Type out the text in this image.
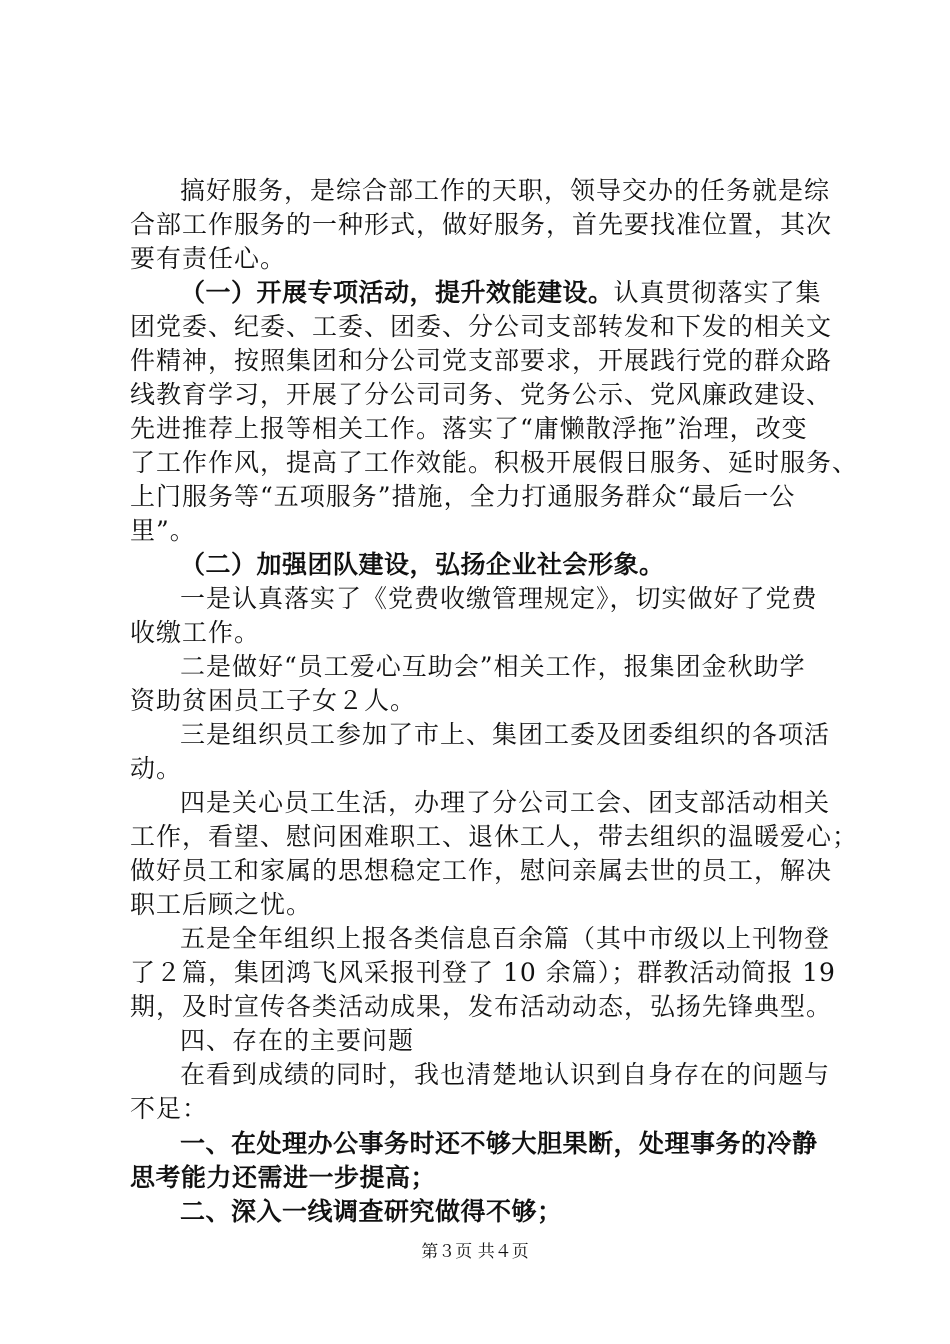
搞好服务，是综合部工作的天职，领导交办的任务就是综
合部工作服务的一种形式，做好服务，首先要找准位置，其次
要有责任心。
（一）开展专项活动，提升效能建设。认真贯彻落实了集
团党委、纪委、工委、团委、分公司支部转发和下发的相关文
件精神，按照集团和分公司党支部要求，开展践行党的群众路
线教育学习，开展了分公司司务、党务公示、党风廉政建设、
先进推荐上报等相关工作。落实了“庸懒散浮拖”治理，改变
了工作作风，提高了工作效能。积极开展假日服务、延时服务、
上门服务等“五项服务”措施，全力打通服务群众“最后一公
里”。
（二）加强团队建设，弘扬企业社会形象。
一是认真落实了《党费收缴管理规定》，切实做好了党费
收缴工作。
二是做好“员工爱心互助会”相关工作，报集团金秋助学
资助贫困员工子女２人。
三是组织员工参加了市上、集团工委及团委组织的各项活
动。
四是关心员工生活，办理了分公司工会、团支部活动相关
工作，看望、慰问困难职工、退休工人，带去组织的温暖爱心；
做好员工和家属的思想稳定工作，慰问亲属去世的员工，解决
职工后顾之忧。
五是全年组织上报各类信息百余篇（其中市级以上刊物登
了２篇，集团鸿飞风采报刊登了 10 余篇）；群教活动简报 19
期，及时宣传各类活动成果，发布活动动态，弘扬先锋典型。
四、存在的主要问题
在看到成绩的同时，我也清楚地认识到自身存在的问题与
不足：
一、在处理办公事务时还不够大胆果断，处理事务的冷静
思考能力还需进一步提高；
二、深入一线调查研究做得不够；
第３页 共４页
